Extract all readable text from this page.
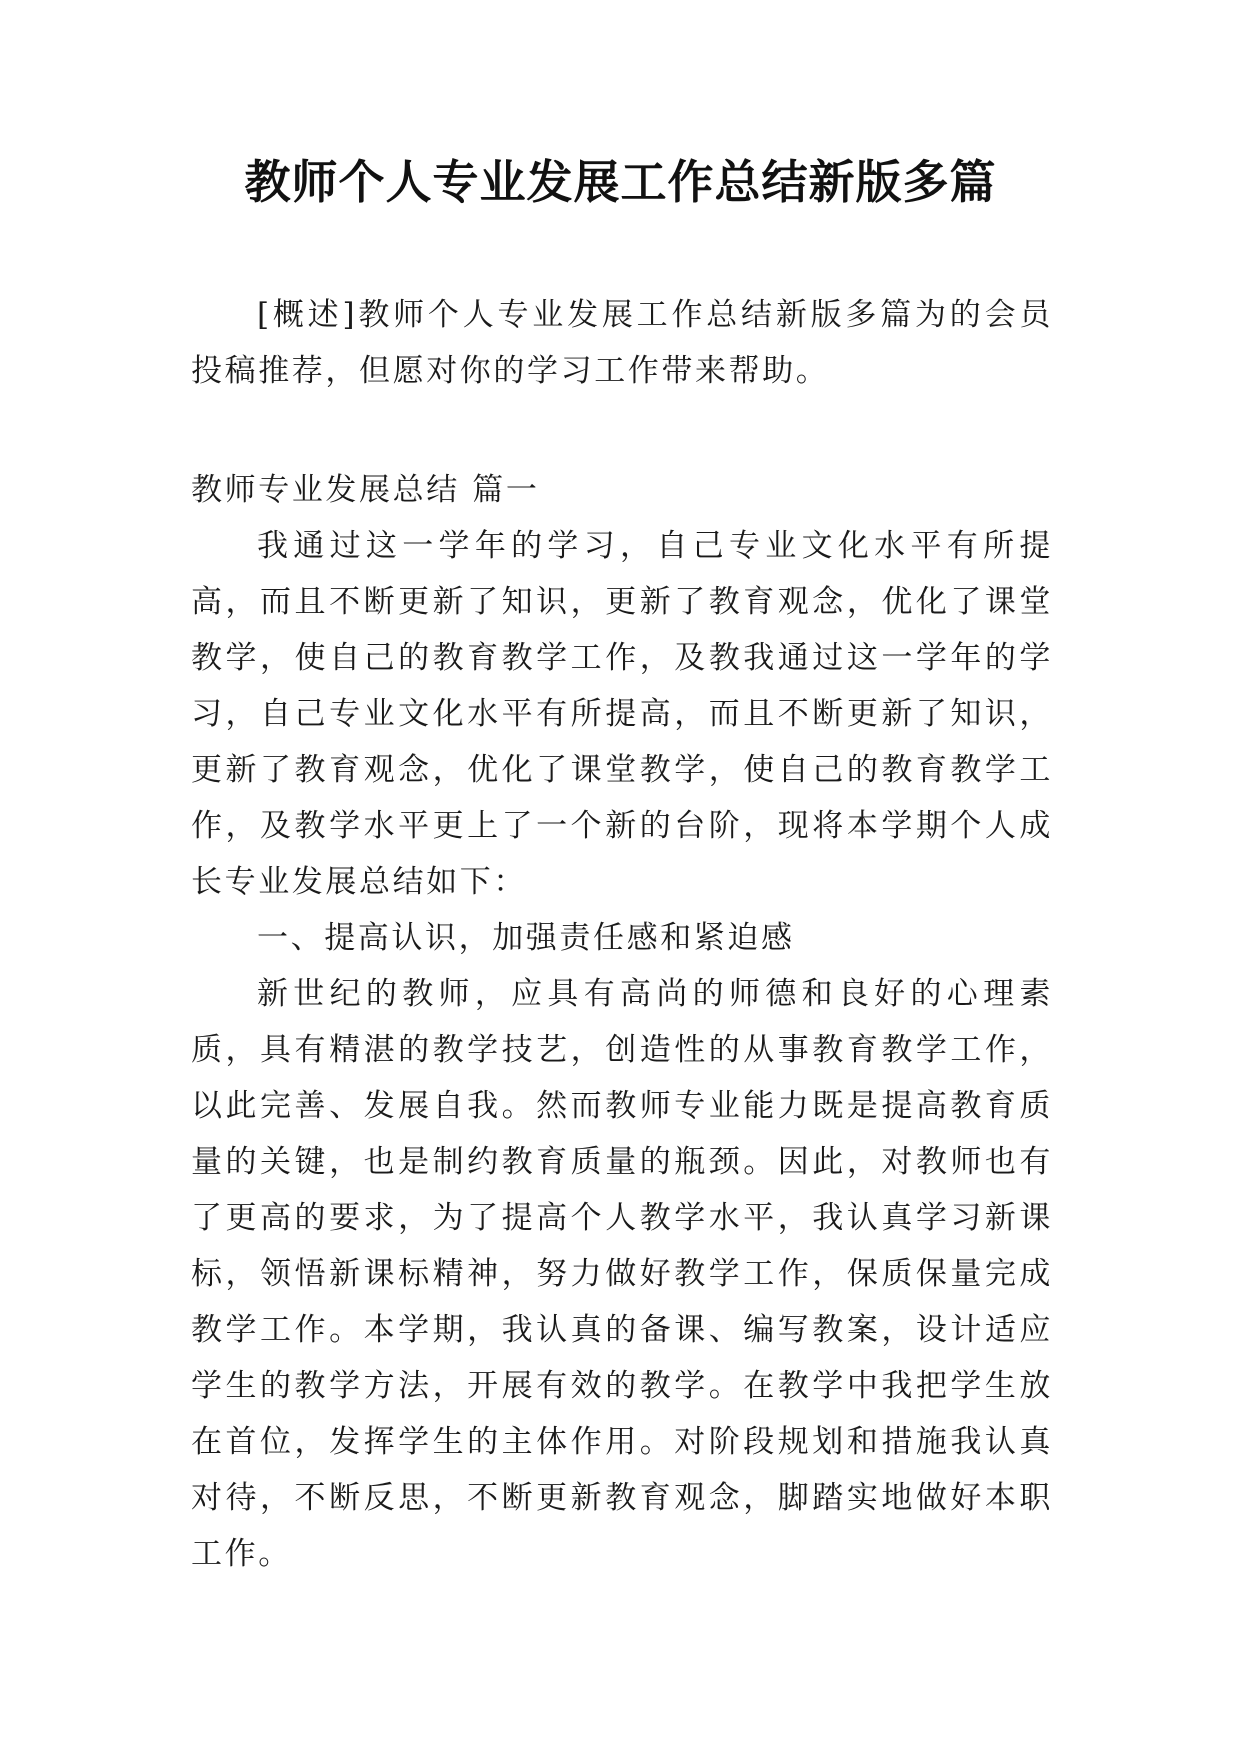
教师个人专业发展工作总结新版多篇

[概述]教师个人专业发展工作总结新版多篇为的会员投稿推荐，但愿对你的学习工作带来帮助。

教师专业发展总结 篇一

我通过这一学年的学习，自己专业文化水平有所提高，而且不断更新了知识，更新了教育观念，优化了课堂教学，使自己的教育教学工作，及教我通过这一学年的学习，自己专业文化水平有所提高，而且不断更新了知识，更新了教育观念，优化了课堂教学，使自己的教育教学工作，及教学水平更上了一个新的台阶，现将本学期个人成长专业发展总结如下：

一、提高认识，加强责任感和紧迫感

新世纪的教师，应具有高尚的师德和良好的心理素质，具有精湛的教学技艺，创造性的从事教育教学工作，以此完善、发展自我。然而教师专业能力既是提高教育质量的关键，也是制约教育质量的瓶颈。因此，对教师也有了更高的要求，为了提高个人教学水平，我认真学习新课标，领悟新课标精神，努力做好教学工作，保质保量完成教学工作。本学期，我认真的备课、编写教案，设计适应学生的教学方法，开展有效的教学。在教学中我把学生放在首位，发挥学生的主体作用。对阶段规划和措施我认真对待，不断反思，不断更新教育观念，脚踏实地做好本职工作。
